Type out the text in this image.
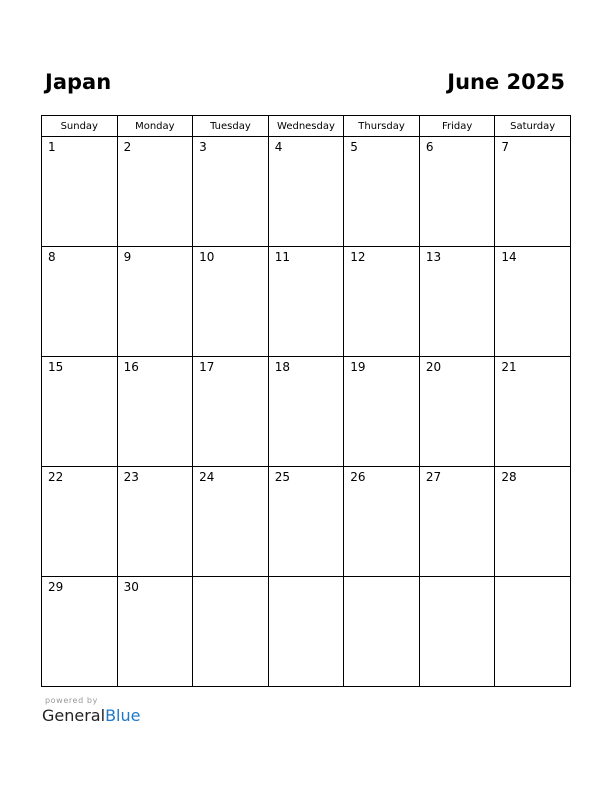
Japan	June 2025
Sunday	Monday	Tuesday	Wednesday	Thursday	Friday	Saturday

1	2	3	4	5	6	7

8	9	10	11	12	13	14

15	16	17	18	19	20	21

22	23	24	25	26	27	28

29	30					

powered by
GeneralBlue
